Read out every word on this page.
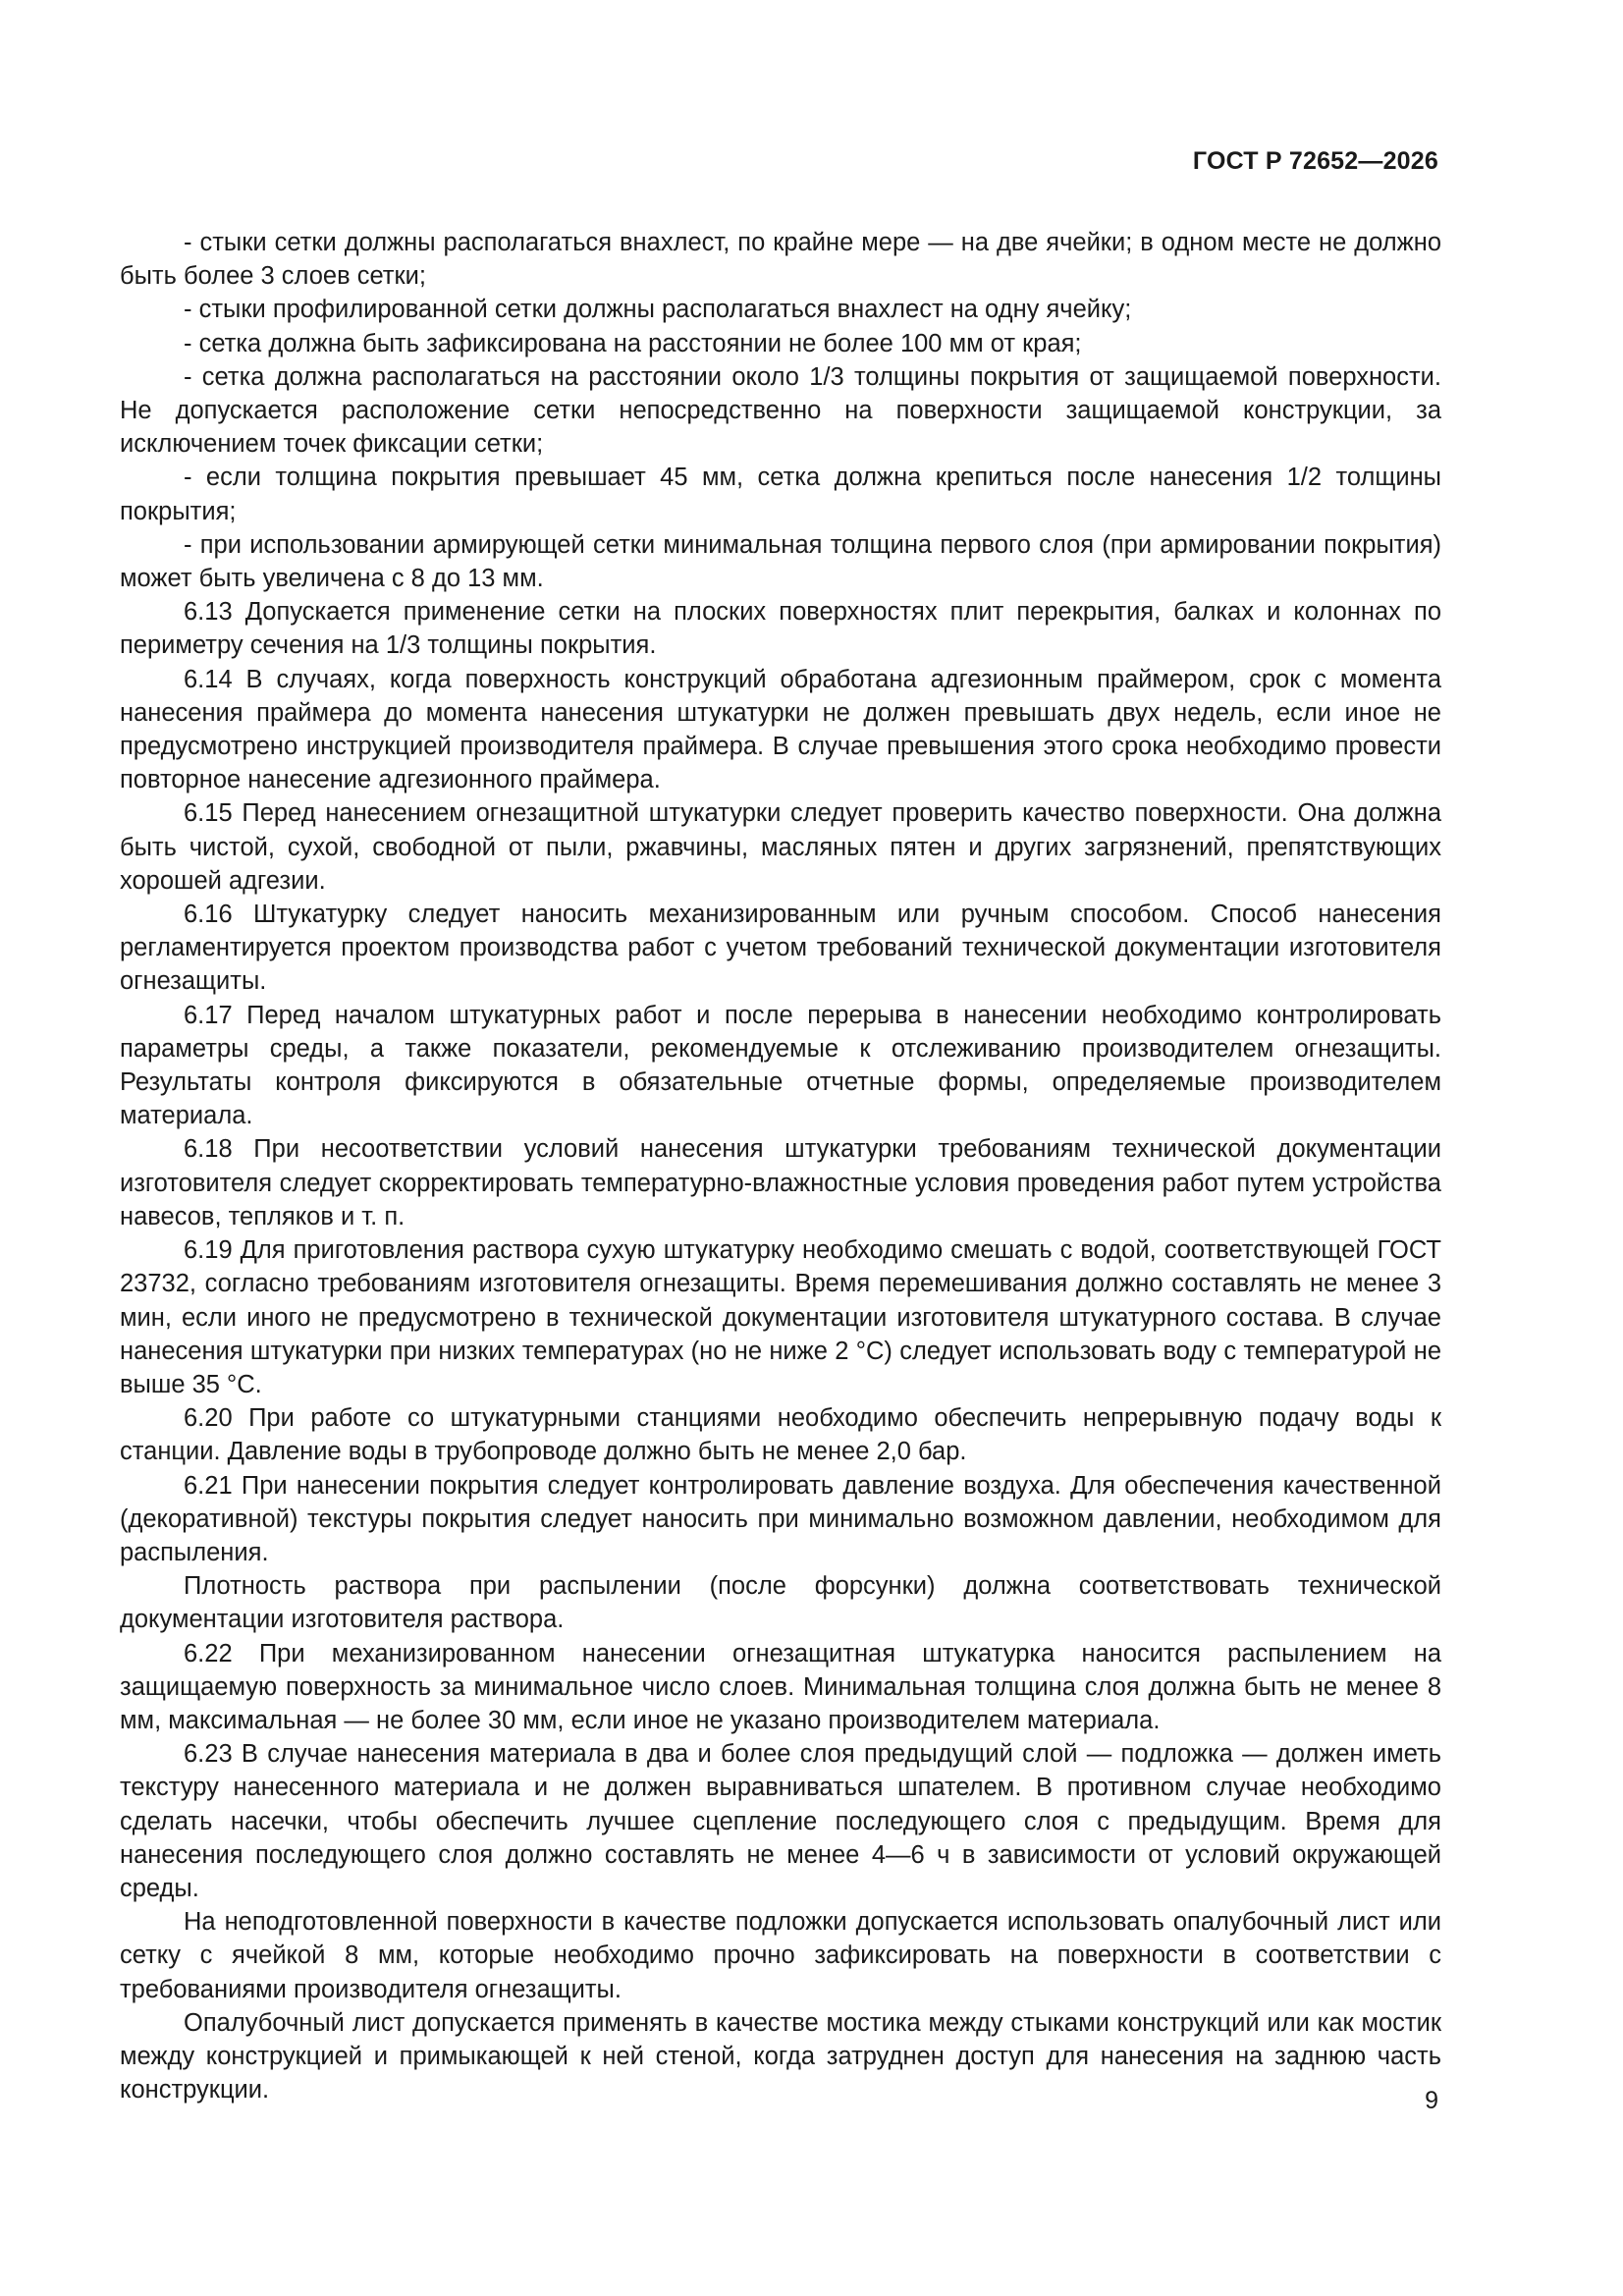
ГОСТ Р 72652—2026

- стыки сетки должны располагаться внахлест, по крайне мере — на две ячейки; в одном месте не должно быть более 3 слоев сетки;

- стыки профилированной сетки должны располагаться внахлест на одну ячейку;

- сетка должна быть зафиксирована на расстоянии не более 100 мм от края;

- сетка должна располагаться на расстоянии около 1/3 толщины покрытия от защищаемой поверхности. Не допускается расположение сетки непосредственно на поверхности защищаемой конструкции, за исключением точек фиксации сетки;

- если толщина покрытия превышает 45 мм, сетка должна крепиться после нанесения 1/2 толщины покрытия;

- при использовании армирующей сетки минимальная толщина первого слоя (при армировании покрытия) может быть увеличена с 8 до 13 мм.

6.13 Допускается применение сетки на плоских поверхностях плит перекрытия, балках и колоннах по периметру сечения на 1/3 толщины покрытия.

6.14 В случаях, когда поверхность конструкций обработана адгезионным праймером, срок с момента нанесения праймера до момента нанесения штукатурки не должен превышать двух недель, если иное не предусмотрено инструкцией производителя праймера. В случае превышения этого срока необходимо провести повторное нанесение адгезионного праймера.

6.15 Перед нанесением огнезащитной штукатурки следует проверить качество поверхности. Она должна быть чистой, сухой, свободной от пыли, ржавчины, масляных пятен и других загрязнений, препятствующих хорошей адгезии.

6.16 Штукатурку следует наносить механизированным или ручным способом. Способ нанесения регламентируется проектом производства работ с учетом требований технической документации изготовителя огнезащиты.

6.17 Перед началом штукатурных работ и после перерыва в нанесении необходимо контролировать параметры среды, а также показатели, рекомендуемые к отслеживанию производителем огнезащиты. Результаты контроля фиксируются в обязательные отчетные формы, определяемые производителем материала.

6.18 При несоответствии условий нанесения штукатурки требованиям технической документации изготовителя следует скорректировать температурно-влажностные условия проведения работ путем устройства навесов, тепляков и т. п.

6.19 Для приготовления раствора сухую штукатурку необходимо смешать с водой, соответствующей ГОСТ 23732, согласно требованиям изготовителя огнезащиты. Время перемешивания должно составлять не менее 3 мин, если иного не предусмотрено в технической документации изготовителя штукатурного состава. В случае нанесения штукатурки при низких температурах (но не ниже 2 °С) следует использовать воду с температурой не выше 35 °С.

6.20 При работе со штукатурными станциями необходимо обеспечить непрерывную подачу воды к станции. Давление воды в трубопроводе должно быть не менее 2,0 бар.

6.21 При нанесении покрытия следует контролировать давление воздуха. Для обеспечения качественной (декоративной) текстуры покрытия следует наносить при минимально возможном давлении, необходимом для распыления.

Плотность раствора при распылении (после форсунки) должна соответствовать технической документации изготовителя раствора.

6.22 При механизированном нанесении огнезащитная штукатурка наносится распылением на защищаемую поверхность за минимальное число слоев. Минимальная толщина слоя должна быть не менее 8 мм, максимальная — не более 30 мм, если иное не указано производителем материала.

6.23 В случае нанесения материала в два и более слоя предыдущий слой — подложка — должен иметь текстуру нанесенного материала и не должен выравниваться шпателем. В противном случае необходимо сделать насечки, чтобы обеспечить лучшее сцепление последующего слоя с предыдущим. Время для нанесения последующего слоя должно составлять не менее 4—6 ч в зависимости от условий окружающей среды.

На неподготовленной поверхности в качестве подложки допускается использовать опалубочный лист или сетку с ячейкой 8 мм, которые необходимо прочно зафиксировать на поверхности в соответствии с требованиями производителя огнезащиты.

Опалубочный лист допускается применять в качестве мостика между стыками конструкций или как мостик между конструкцией и примыкающей к ней стеной, когда затруднен доступ для нанесения на заднюю часть конструкции.	9
